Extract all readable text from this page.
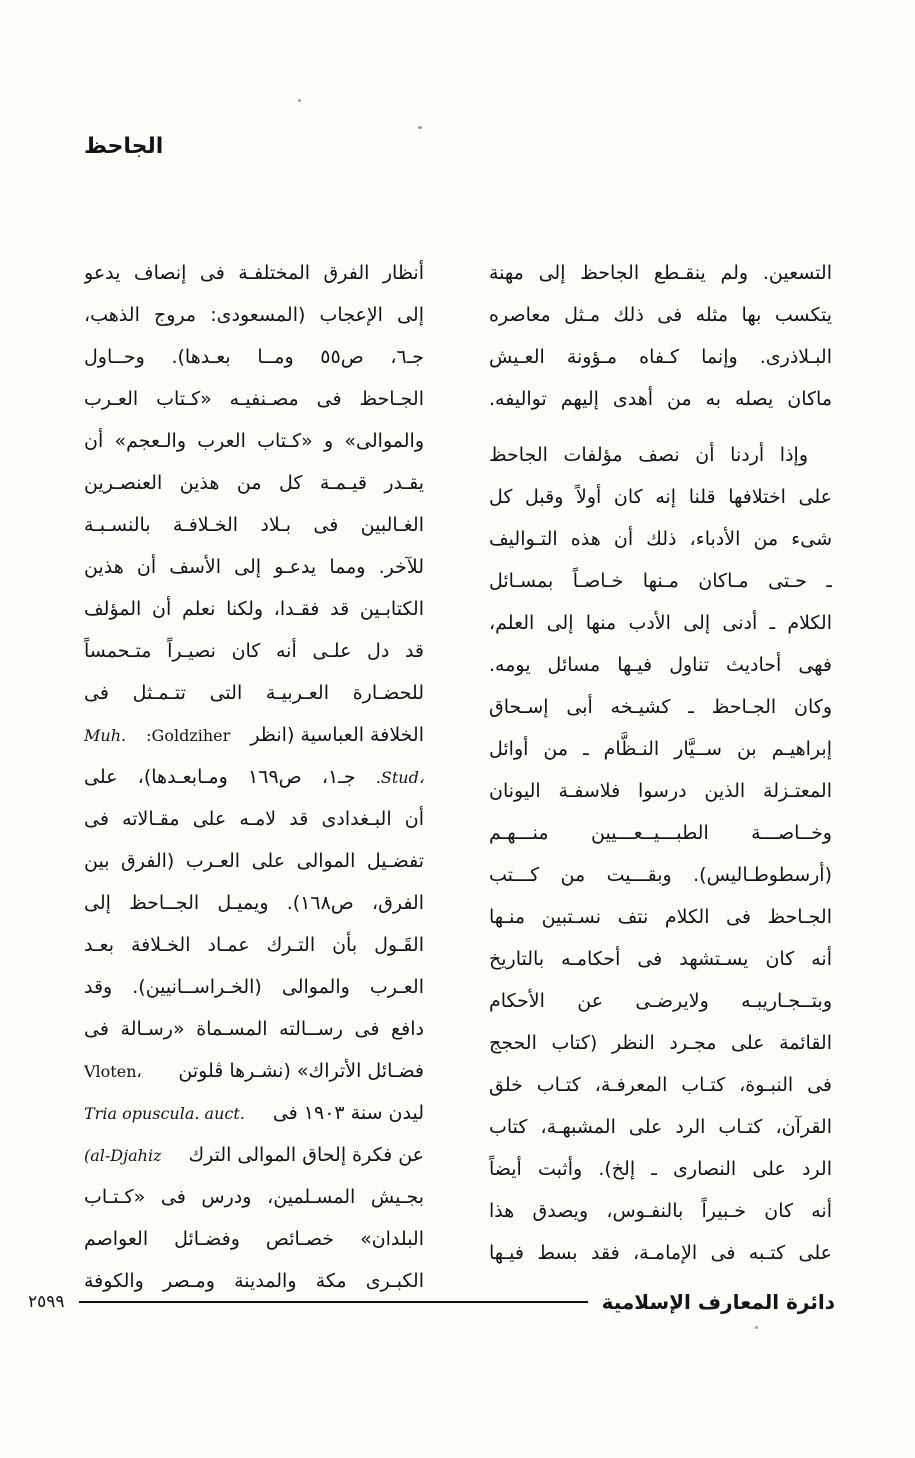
الجاحظ
أنظار الفرق المختلفـة فى إنصاف يدعو
إلى الإعجاب (المسعودى: مروج الذهب،
جـ٦، ص٥٥ ومــا بعـدها). وحــاول
الجـاحظ فى مصـنفيـه «كـتاب العـرب
والموالى» و «كـتاب العرب والـعجم» أن
يقـدر قيـمـة كل من هذين العنصـرين
الغـالبين فى بـلاد الخـلافـة بالنسـبـة
للآخر. ومما يدعـو إلى الأسف أن هذين
الكتابـين قد فقـدا، ولكنا نعلم أن المؤلف
قد دل علـى أنه كان نصيـراً متـحمساً
للحضـارة العـربيـة التى تتـمـثل فى
الخلافة العباسية (انظر
:Goldziher
Muh.
.Stud،
جـ١،
ص١٦٩
ومـابعـدها)،
على
أن البـغدادى قد لامـه على مقـالاته فى
تفضـيل الموالى على العـرب (الفرق بين
الفرق، ص١٦٨). ويميـل الجــاحظ إلى
القَـول بأن التـرك عمـاد الخـلافة بعـد
العـرب والموالى (الخـراســانيين). وقد
دافع فى رســالته المسـماة «رسـالة فى
فضـائل الأتراك» (نشـرها ڤلوتن
Vloten،
ليدن سنة ١٩٠٣ فى
Tria opuscula. auct.
عن فكرة إلحاق الموالى الترك
(al-Djahiz
بجـيش المسـلمين، ودرس فى «كـتـاب
البلدان» خصـائص وفضـائل العواصم
الكبـرى مكة والمدينة ومـصر والكوفة
التسعين. ولم ينقـطع الجاحظ إلى مهنة
يتكسب بها مثله فى ذلك مـثل معاصره
البـلاذرى. وإنما كـفاه مـؤونة العـيش
ماكان يصله به من أهدى إليهم تواليفه.
وإذا أردنا أن نصف مؤلفات الجاحظ
على اختلافها قلنا إنه كان أولاً وقبل كل
شىء من الأدباء، ذلك أن هذه التـواليف
ـ حـتى مـاكان مـنها خـاصـاً بمسـائل
الكلام ـ أدنى إلى الأدب منها إلى العلم،
فهى أحاديث تناول فيـها مسائل يومه.
وكان الجـاحظ ـ كشيـخه أبى إسـحاق
إبراهيـم بن ســيَّار النـظَّام ـ من أوائل
المعتـزلة الذين درسوا فلاسفـة اليونان
وخــاصـــة الطبـــيــعـــيين منـــهـم
(أرسطوطـاليس). وبقـــيت من كـــتب
الجـاحظ فى الكلام نتف نسـتبين منـها
أنه كان يسـتشهد فى أحكامـه بالتاريخ
وبتــجـاريبـه ولايرضـى عن الأحكام
القائمة على مجـرد النظر (كتاب الحجج
فى النبـوة، كتـاب المعرفـة، كتـاب خلق
القرآن، كتـاب الرد على المشبهـة، كتاب
الرد على النصارى ـ إلخ). وأثبت أيضاً
أنه كان خـبيراً بالنفـوس، ويصدق هذا
على كتـبه فى الإمامـة، فقد بسط فيـها
٢٥٩٩	دائرة المعارف الإسلامية
